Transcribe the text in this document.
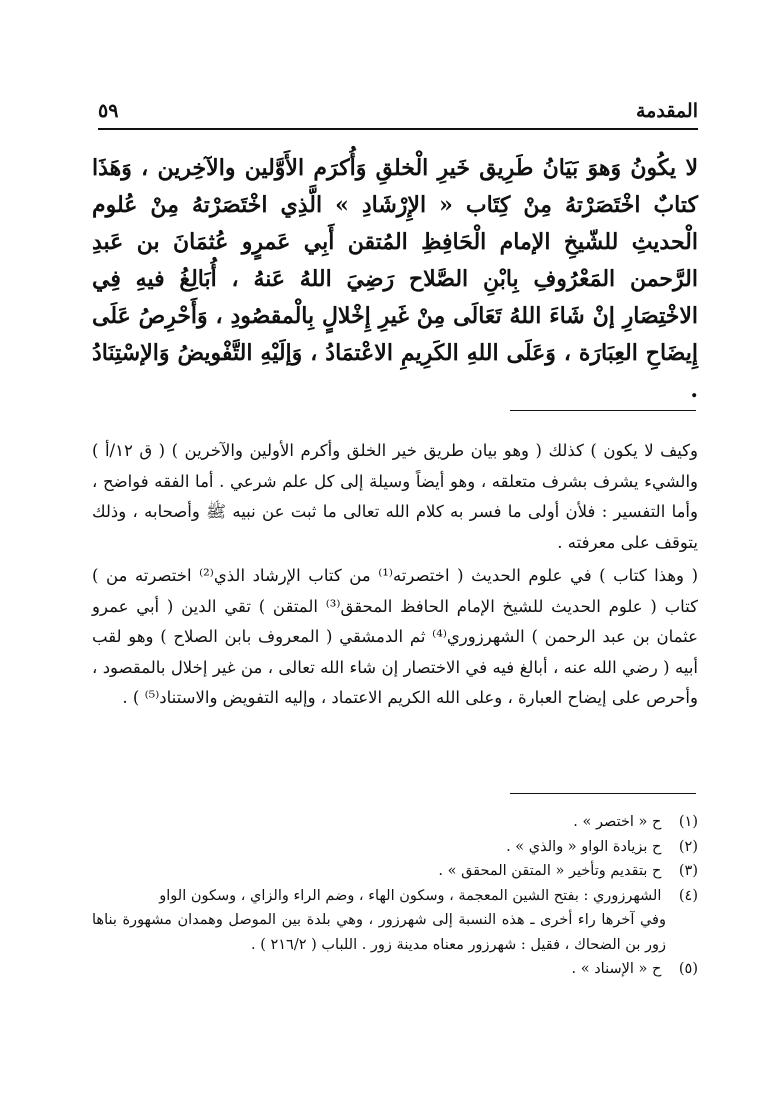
المقدمة
٥٩

لا يكُونُ وَهوَ بَيَانُ طَرِيق خَيرِ الْخلقِ وَأُكرَم الأَوَّلين والآخِرين ، وَهَذَا كتابٌ اخْتَصَرْتهُ مِنْ كِتَاب « الإِرْشَادِ » الَّذِي اخْتَصَرْتهُ مِنْ عُلوم الْحديثِ للشّيخِ الإمام الْحَافِظِ المُتقن أَبِي عَمرٍو عُثمَانَ بن عَبدِ الرَّحمن المَعْرُوفِ بِابْنِ الصَّلاح رَضِيَ اللهُ عَنهُ ، أُبَالِغُ فيهِ فِي الاخْتِصَارِ إنْ شَاءَ اللهُ تَعَالَى مِنْ غَيرِ إِخْلالٍ بِالْمقصُودِ ، وَأَحْرِصُ عَلَى إِيضَاحِ العِبَارَة ، وَعَلَى اللهِ الكَرِيمِ الاعْتمَادُ ، وَإلَيْهِ التَّفْويضُ وَالإسْتِنَادُ .

وكيف لا يكون ) كذلك ( وهو بيان طريق خير الخلق وأكرم الأولين والآخرين ) ( ق ١٢/أ ) والشيء يشرف بشرف متعلقه ، وهو أيضاً وسيلة إلى كل علم شرعي . أما الفقه فواضح ، وأما التفسير : فلأن أولى ما فسر به كلام الله تعالى ما ثبت عن نبيه ﷺ وأصحابه ، وذلك يتوقف على معرفته .

( وهذا كتاب ) في علوم الحديث ( اختصرته⁽¹⁾ من كتاب الإرشاد الذي⁽²⁾ اختصرته من ) كتاب ( علوم الحديث للشيخ الإمام الحافظ المحقق⁽³⁾ المتقن ) تقي الدين ( أبي عمرو عثمان بن عبد الرحمن ) الشهرزوري⁽⁴⁾ ثم الدمشقي ( المعروف بابن الصلاح ) وهو لقب أبيه ( رضي الله عنه ، أبالغ فيه في الاختصار إن شاء الله تعالى ، من غير إخلال بالمقصود ، وأحرص على إيضاح العبارة ، وعلى الله الكريم الاعتماد ، وإليه التفويض والاستناد⁽⁵⁾ ) .

(١) ح « اختصر » .

(٢) ح بزيادة الواو « والذي » .

(٣) ح بتقديم وتأخير « المتقن المحقق » .

(٤) الشهرزوري : بفتح الشين المعجمة ، وسكون الهاء ، وضم الراء والزاي ، وسكون الواو

وفي آخرها راء أخرى ـ هذه النسبة إلى شهرزور ، وهي بلدة بين الموصل وهمدان مشهورة بناها زور بن الضحاك ، فقيل : شهرزور معناه مدينة زور . اللباب ( ٢١٦/٢ ) .

(٥) ح « الإسناد » .
